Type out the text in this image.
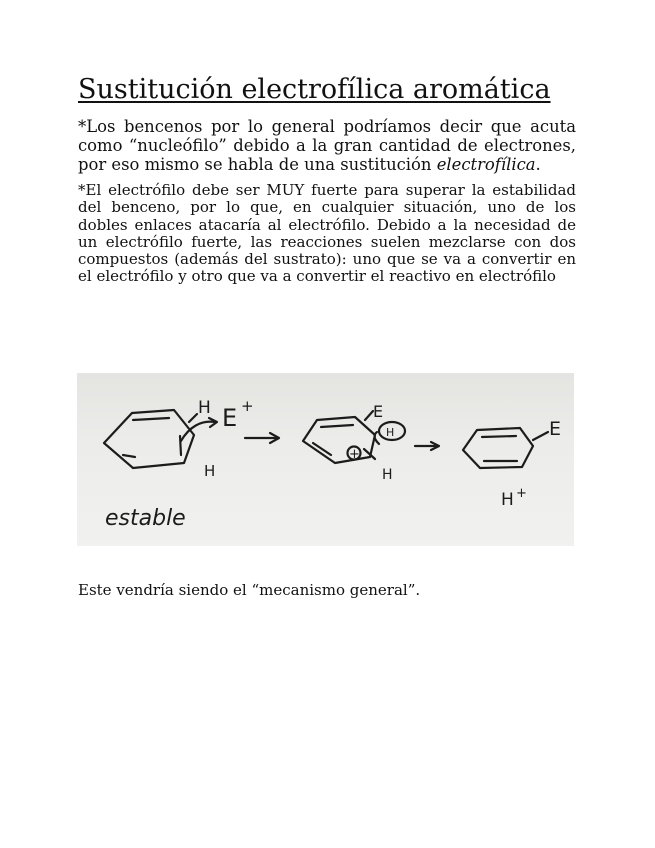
Sustitución electrofílica aromática

*Los bencenos por lo general podríamos decir que acuta como “nucleófilo” debido a la gran cantidad de electrones, por eso mismo se habla de una sustitución electrofílica.

*El electrófilo debe ser MUY fuerte para superar la estabilidad del benceno, por lo que, en cualquier situación, uno de los dobles enlaces atacaría al electrófilo. Debido a la necesidad de un electrófilo fuerte, las reacciones suelen mezclarse con dos compuestos (además del sustrato): uno que se va a convertir en el electrófilo y otro que va a convertir el reactivo en electrófilo

H E +
H
estable
E
H
+
H
E
H +

Este vendría siendo el “mecanismo general”.
